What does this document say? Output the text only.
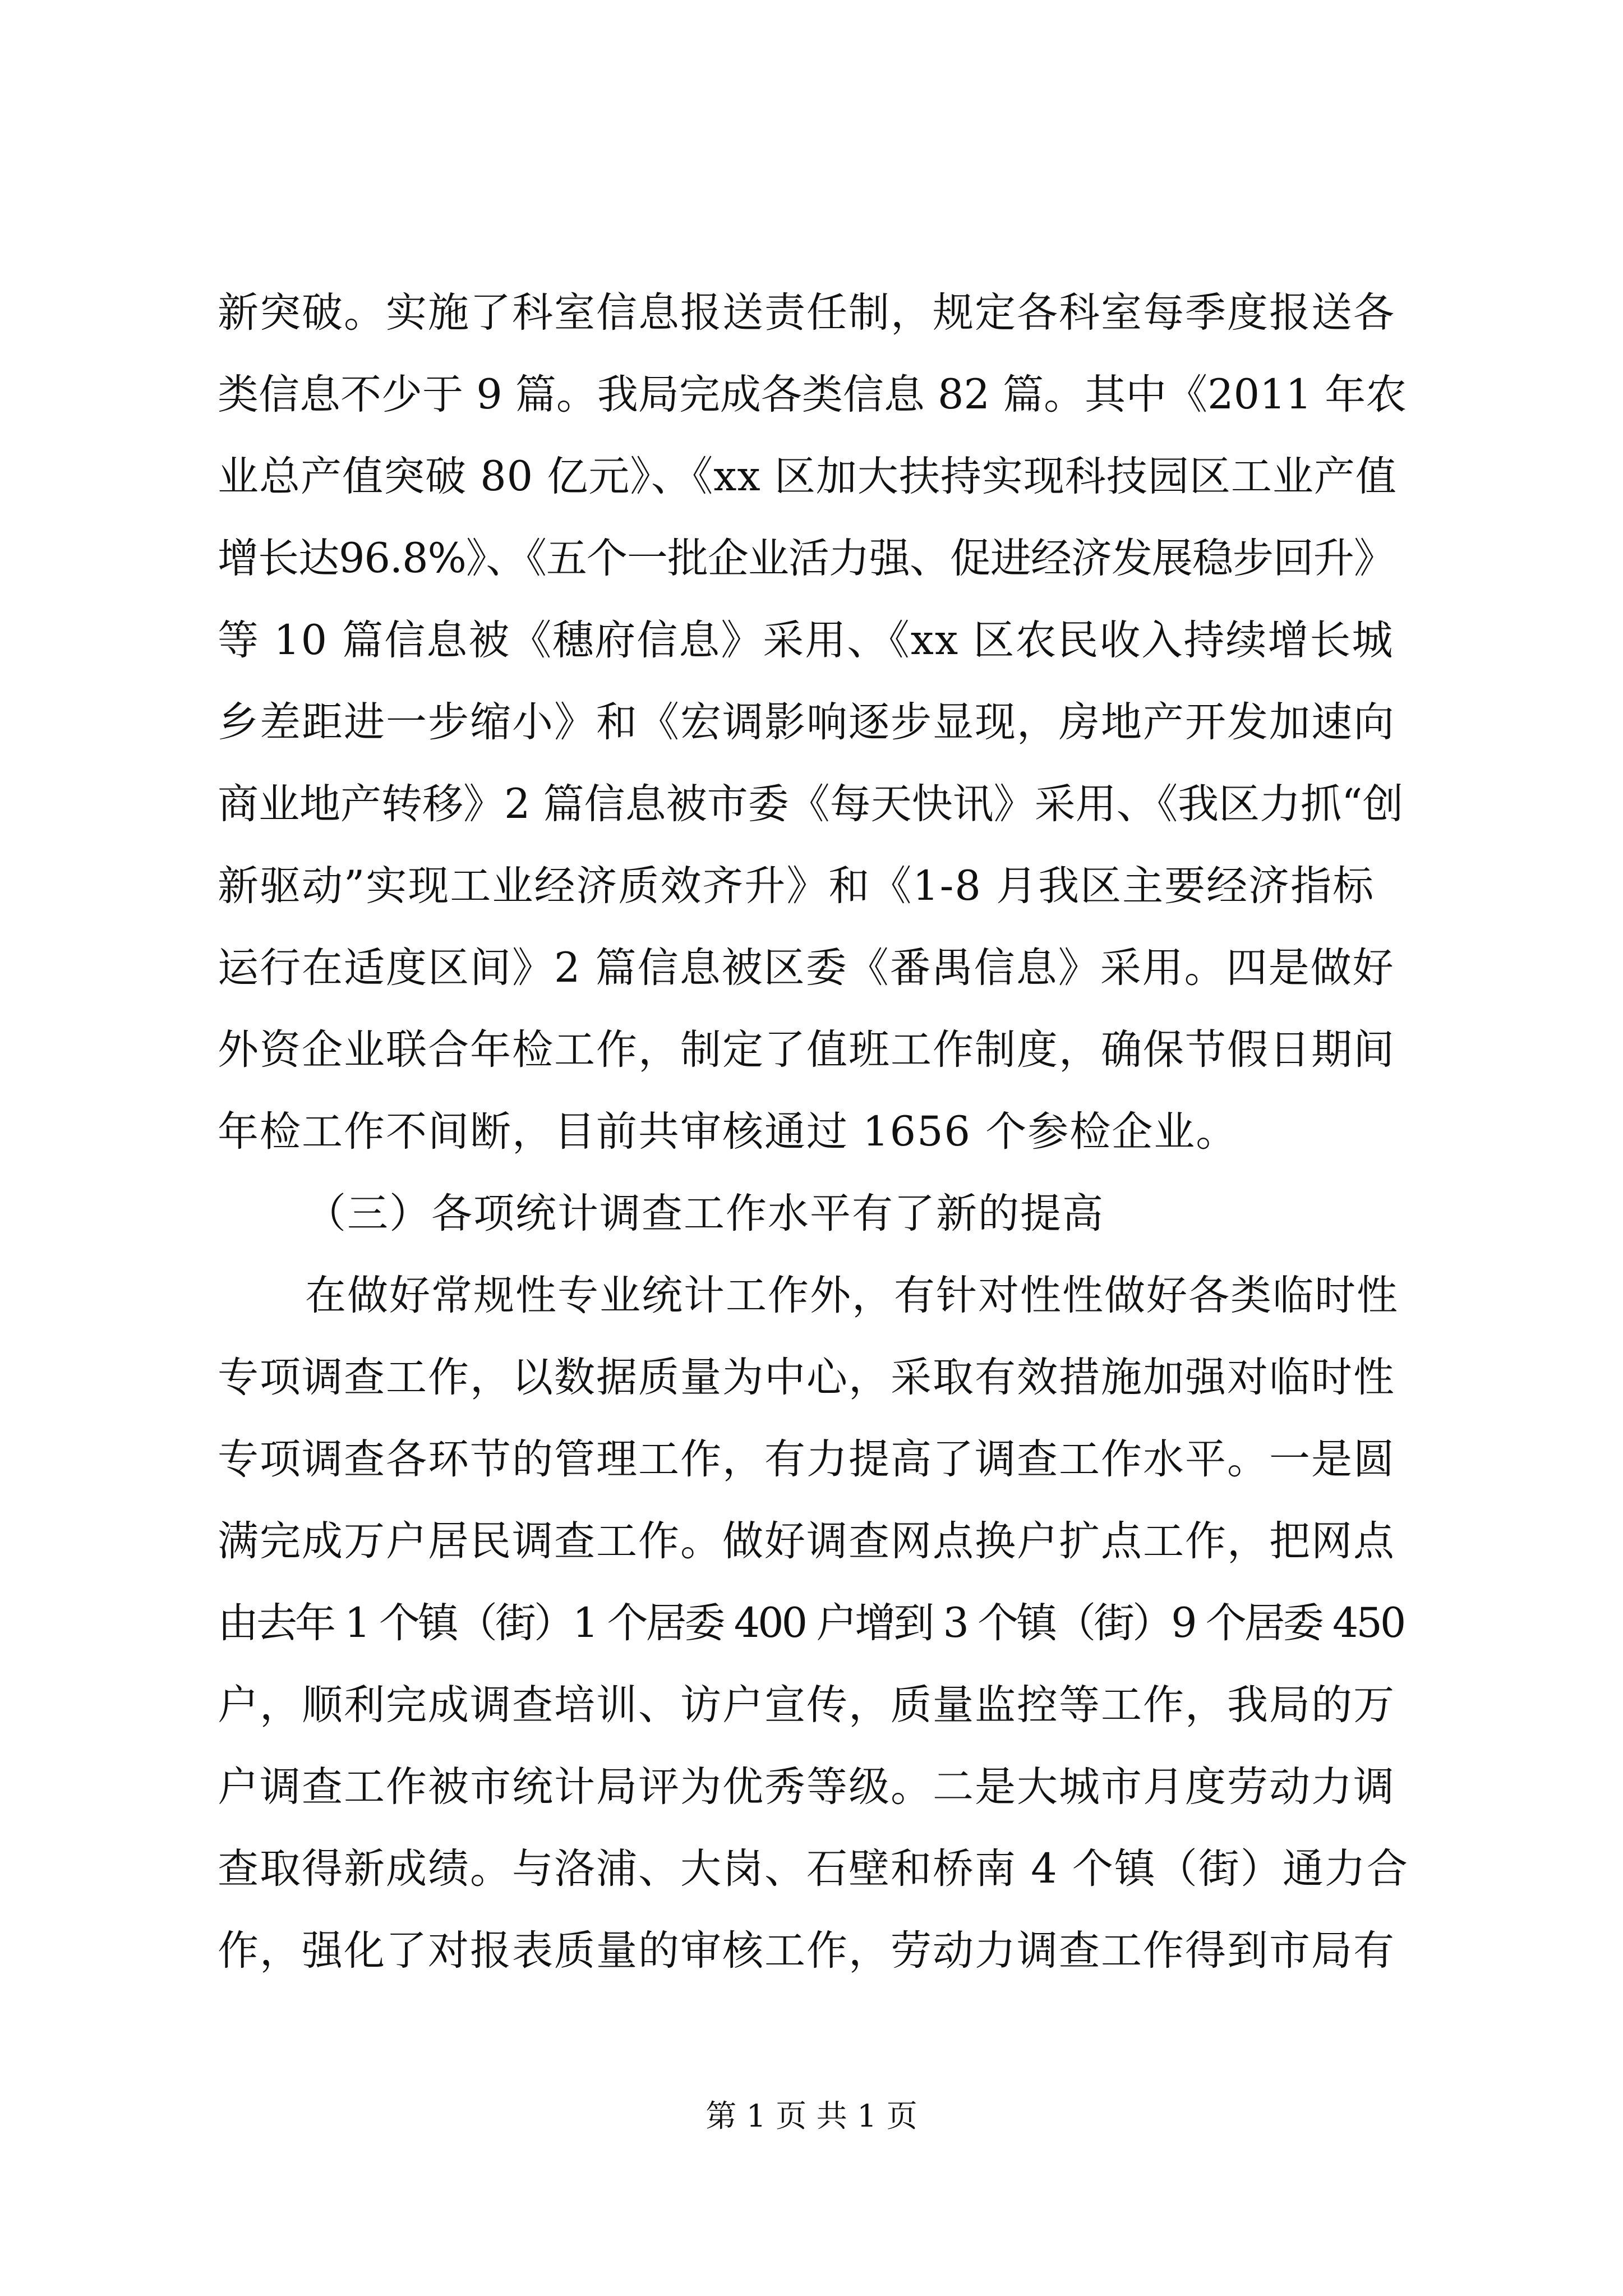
新突破。实施了科室信息报送责任制，规定各科室每季度报送各
类信息不少于 9 篇。我局完成各类信息 82 篇。其中《2011 年农
业总产值突破 80 亿元》、《xx 区加大扶持实现科技园区工业产值
增长达96.8%》、《五个一批企业活力强、促进经济发展稳步回升》
等 10 篇信息被《穗府信息》采用、《xx 区农民收入持续增长城
乡差距进一步缩小》和《宏调影响逐步显现，房地产开发加速向
商业地产转移》2 篇信息被市委《每天快讯》采用、《我区力抓“创
新驱动”实现工业经济质效齐升》和《1-8 月我区主要经济指标
运行在适度区间》2 篇信息被区委《番禺信息》采用。四是做好
外资企业联合年检工作，制定了值班工作制度，确保节假日期间
年检工作不间断，目前共审核通过 1656 个参检企业。
（三）各项统计调查工作水平有了新的提高
在做好常规性专业统计工作外，有针对性性做好各类临时性
专项调查工作，以数据质量为中心，采取有效措施加强对临时性
专项调查各环节的管理工作，有力提高了调查工作水平。一是圆
满完成万户居民调查工作。做好调查网点换户扩点工作，把网点
由去年 1 个镇（街）1 个居委 400 户增到 3 个镇（街）9 个居委 450
户，顺利完成调查培训、访户宣传，质量监控等工作，我局的万
户调查工作被市统计局评为优秀等级。二是大城市月度劳动力调
查取得新成绩。与洛浦、大岗、石壁和桥南 4 个镇（街）通力合
作，强化了对报表质量的审核工作，劳动力调查工作得到市局有
第 1 页 共 1 页
